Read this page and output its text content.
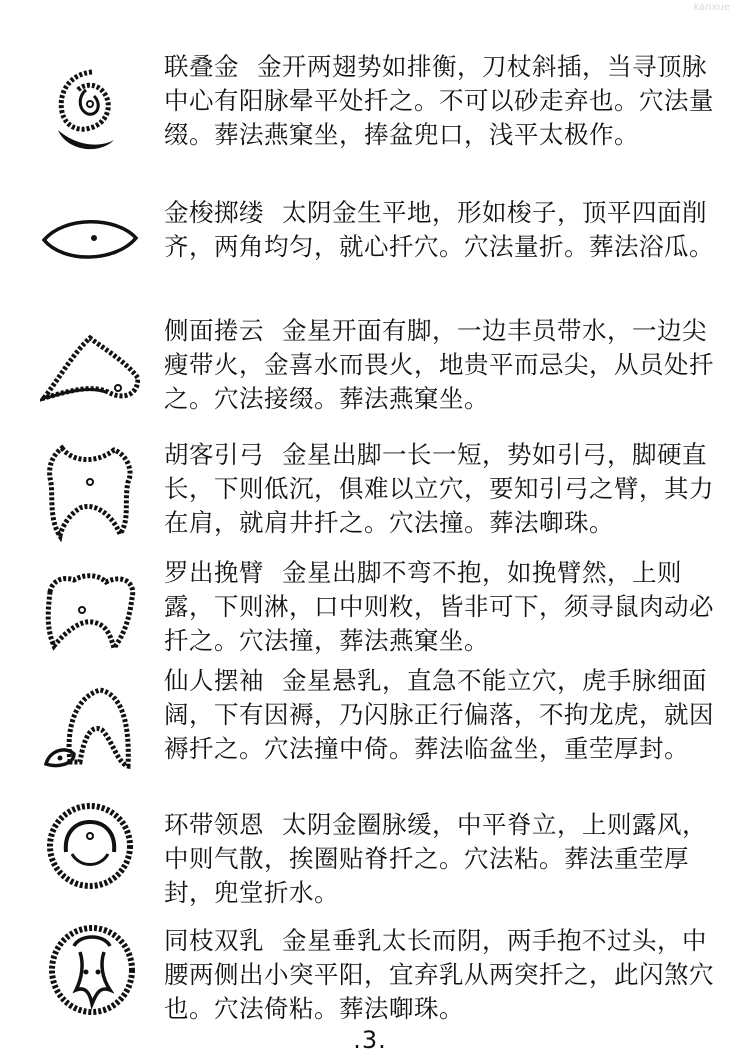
kanxue
联叠金 金开两翅势如排衡，刀杖斜插，当寻顶脉中心有阳脉晕平处扦之。不可以砂走弃也。穴法量缀。葬法燕窠坐，捧盆兜口，浅平太极作。
金梭掷缕 太阴金生平地，形如梭子，顶平四面削齐，两角均匀，就心扦穴。穴法量折。葬法浴瓜。
侧面捲云 金星开面有脚，一边丰员带水，一边尖瘦带火，金喜水而畏火，地贵平而忌尖，从员处扦之。穴法接缀。葬法燕窠坐。
胡客引弓 金星出脚一长一短，势如引弓，脚硬直长，下则低沉，俱难以立穴，要知引弓之臂，其力在肩，就肩井扦之。穴法撞。葬法啣珠。
罗出挽臂 金星出脚不弯不抱，如挽臂然，上则露，下则淋，口中则敉，皆非可下，须寻鼠肉动必扦之。穴法撞，葬法燕窠坐。
仙人摆袖 金星悬乳，直急不能立穴，虎手脉细面阔，下有因褥，乃闪脉正行偏落，不拘龙虎，就因褥扦之。穴法撞中倚。葬法临盆坐，重茔厚封。
环带领恩 太阴金圈脉缓，中平脊立，上则露风，中则气散，挨圈贴脊扦之。穴法粘。葬法重茔厚封，兜堂折水。
同枝双乳 金星垂乳太长而阴，两手抱不过头，中腰两侧出小突平阳，宜弃乳从两突扦之，此闪煞穴也。穴法倚粘。葬法啣珠。
.3.
